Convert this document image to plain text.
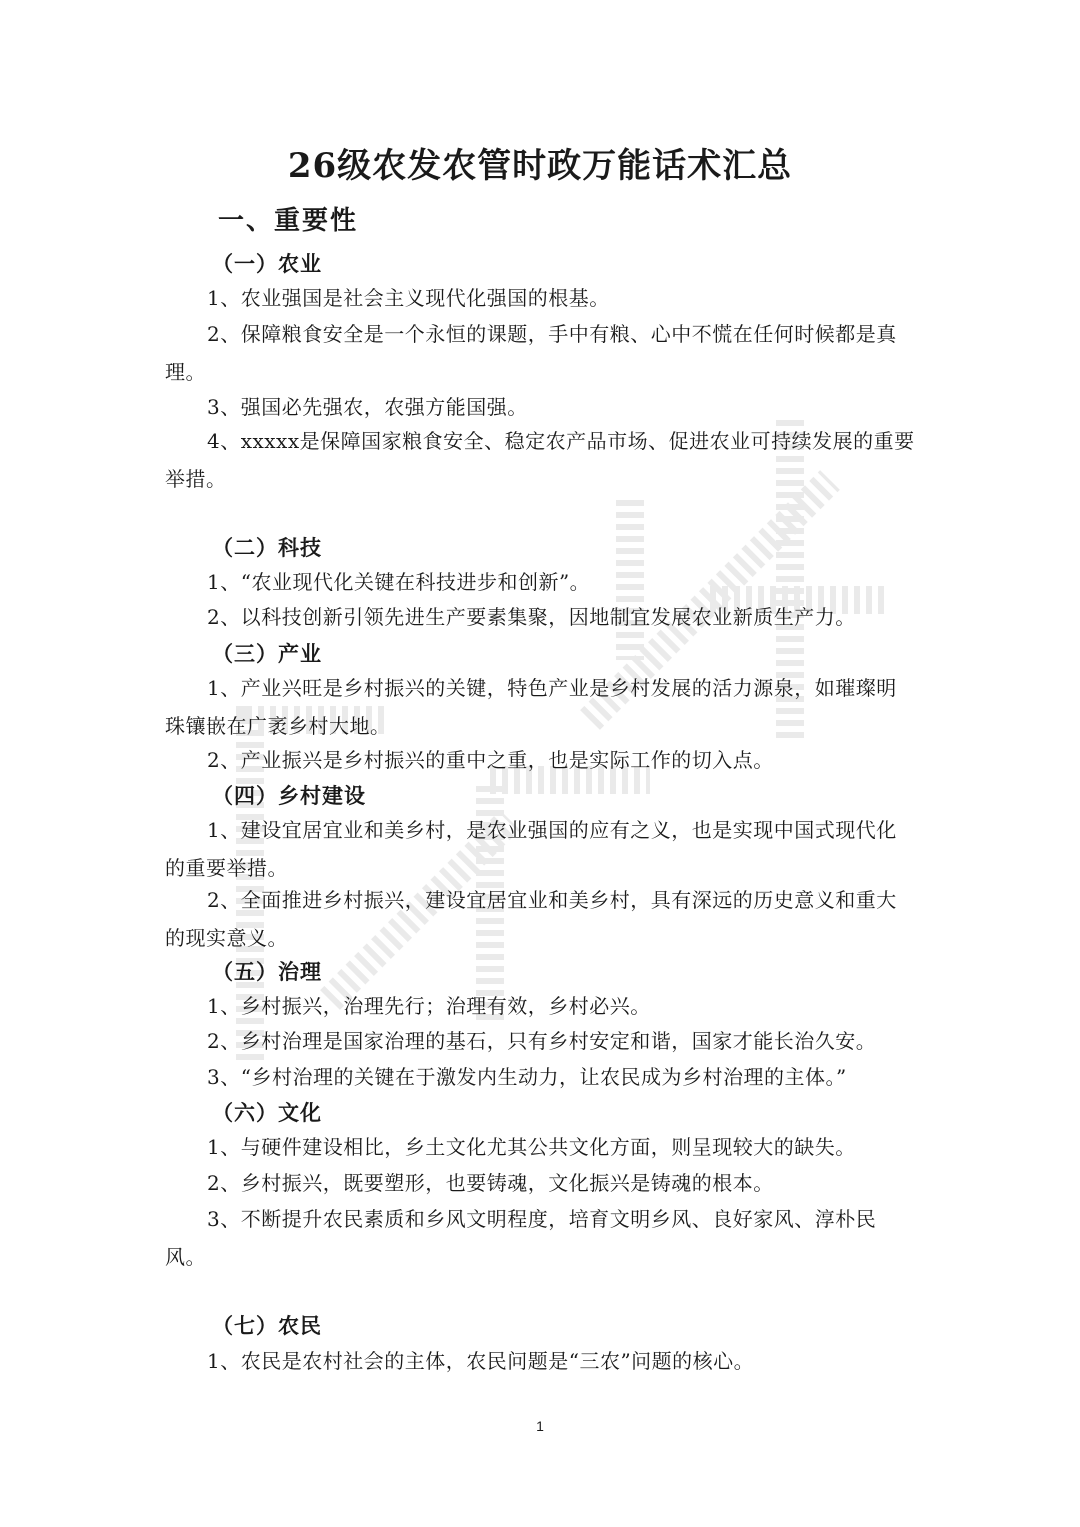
26级农发农管时政万能话术汇总
一、重要性
（一）农业
1、农业强国是社会主义现代化强国的根基。
2、保障粮食安全是一个永恒的课题，手中有粮、心中不慌在任何时候都是真理。
3、强国必先强农，农强方能国强。
4、xxxxx是保障国家粮食安全、稳定农产品市场、促进农业可持续发展的重要举措。
（二）科技
1、“农业现代化关键在科技进步和创新”。
2、以科技创新引领先进生产要素集聚，因地制宜发展农业新质生产力。
（三）产业
1、产业兴旺是乡村振兴的关键，特色产业是乡村发展的活力源泉，如璀璨明珠镶嵌在广袤乡村大地。
2、产业振兴是乡村振兴的重中之重，也是实际工作的切入点。
（四）乡村建设
1、建设宜居宜业和美乡村，是农业强国的应有之义，也是实现中国式现代化的重要举措。
2、全面推进乡村振兴，建设宜居宜业和美乡村，具有深远的历史意义和重大的现实意义。
（五）治理
1、乡村振兴，治理先行；治理有效，乡村必兴。
2、乡村治理是国家治理的基石，只有乡村安定和谐，国家才能长治久安。
3、“乡村治理的关键在于激发内生动力，让农民成为乡村治理的主体。”
（六）文化
1、与硬件建设相比，乡土文化尤其公共文化方面，则呈现较大的缺失。
2、乡村振兴，既要塑形，也要铸魂，文化振兴是铸魂的根本。
3、不断提升农民素质和乡风文明程度，培育文明乡风、良好家风、淳朴民风。
（七）农民
1、农民是农村社会的主体，农民问题是“三农”问题的核心。
1
